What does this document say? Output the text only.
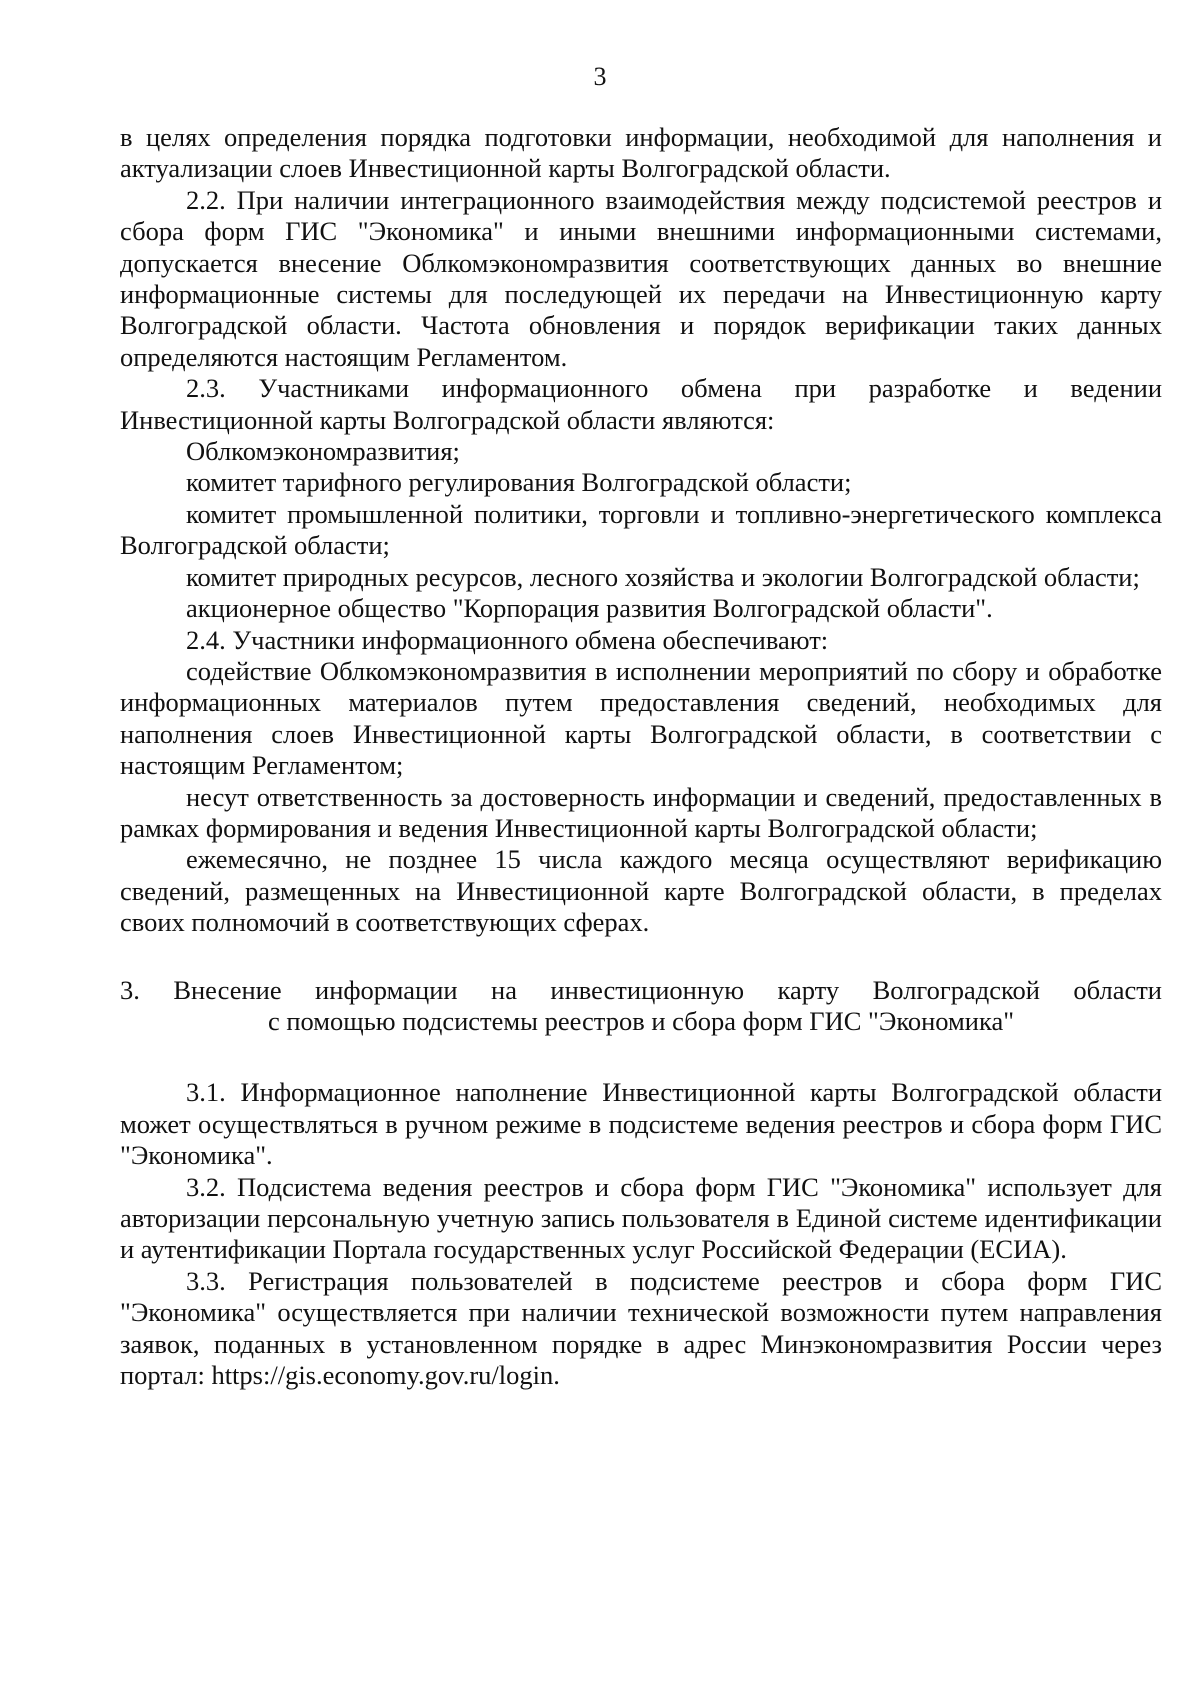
3

в целях определения порядка подготовки информации, необходимой для наполнения и актуализации слоев Инвестиционной карты Волгоградской области.

2.2. При наличии интеграционного взаимодействия между подсистемой реестров и сбора форм ГИС "Экономика" и иными внешними информационными системами, допускается внесение Облкомэкономразвития соответствующих данных во внешние информационные системы для последующей их передачи на Инвестиционную карту Волгоградской области. Частота обновления и порядок верификации таких данных определяются настоящим Регламентом.

2.3. Участниками информационного обмена при разработке и ведении Инвестиционной карты Волгоградской области являются:

Облкомэкономразвития;

комитет тарифного регулирования Волгоградской области;

комитет промышленной политики, торговли и топливно-энергетического комплекса Волгоградской области;

комитет природных ресурсов, лесного хозяйства и экологии Волгоградской области;

акционерное общество "Корпорация развития Волгоградской области".

2.4. Участники информационного обмена обеспечивают:

содействие Облкомэкономразвития в исполнении мероприятий по сбору и обработке информационных материалов путем предоставления сведений, необходимых для наполнения слоев Инвестиционной карты Волгоградской области, в соответствии с настоящим Регламентом;

несут ответственность за достоверность информации и сведений, предоставленных в рамках формирования и ведения Инвестиционной карты Волгоградской области;

ежемесячно, не позднее 15 числа каждого месяца осуществляют верификацию сведений, размещенных на Инвестиционной карте Волгоградской области, в пределах своих полномочий в соответствующих сферах.

3. Внесение информации на инвестиционную карту Волгоградской области
с помощью подсистемы реестров и сбора форм ГИС "Экономика"

3.1. Информационное наполнение Инвестиционной карты Волгоградской области может осуществляться в ручном режиме в подсистеме ведения реестров и сбора форм ГИС "Экономика".

3.2. Подсистема ведения реестров и сбора форм ГИС "Экономика" использует для авторизации персональную учетную запись пользователя в Единой системе идентификации и аутентификации Портала государственных услуг Российской Федерации (ЕСИА).

3.3. Регистрация пользователей в подсистеме реестров и сбора форм ГИС "Экономика" осуществляется при наличии технической возможности путем направления заявок, поданных в установленном порядке в адрес Минэкономразвития России через портал: https://gis.economy.gov.ru/login.
